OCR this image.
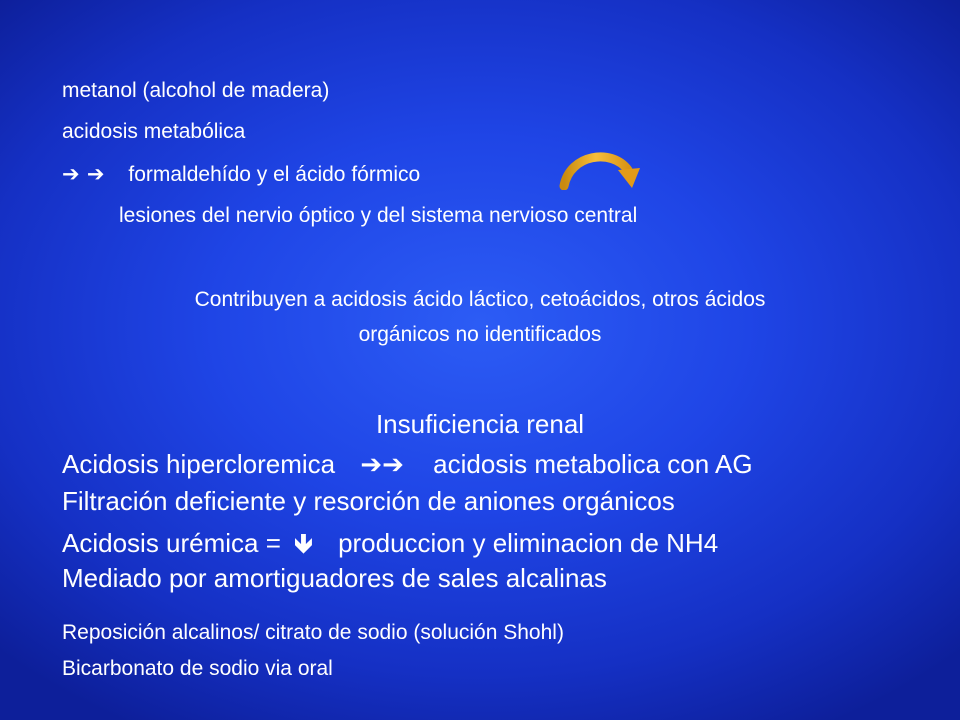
metanol (alcohol de madera)

acidosis metabólica

➔ ➔ formaldehído y el ácido fórmico

lesiones del nervio óptico y del sistema nervioso central

Contribuyen a acidosis ácido láctico, cetoácidos, otros ácidos

orgánicos no identificados

Insuficiencia renal

Acidosis hipercloremica ➔➔ acidosis metabolica con AG

Filtración deficiente y resorción de aniones orgánicos

Acidosis urémica = 🡻 produccion y eliminacion de NH4

Mediado por amortiguadores de sales alcalinas

Reposición alcalinos/ citrato de sodio (solución Shohl)

Bicarbonato de sodio via oral
